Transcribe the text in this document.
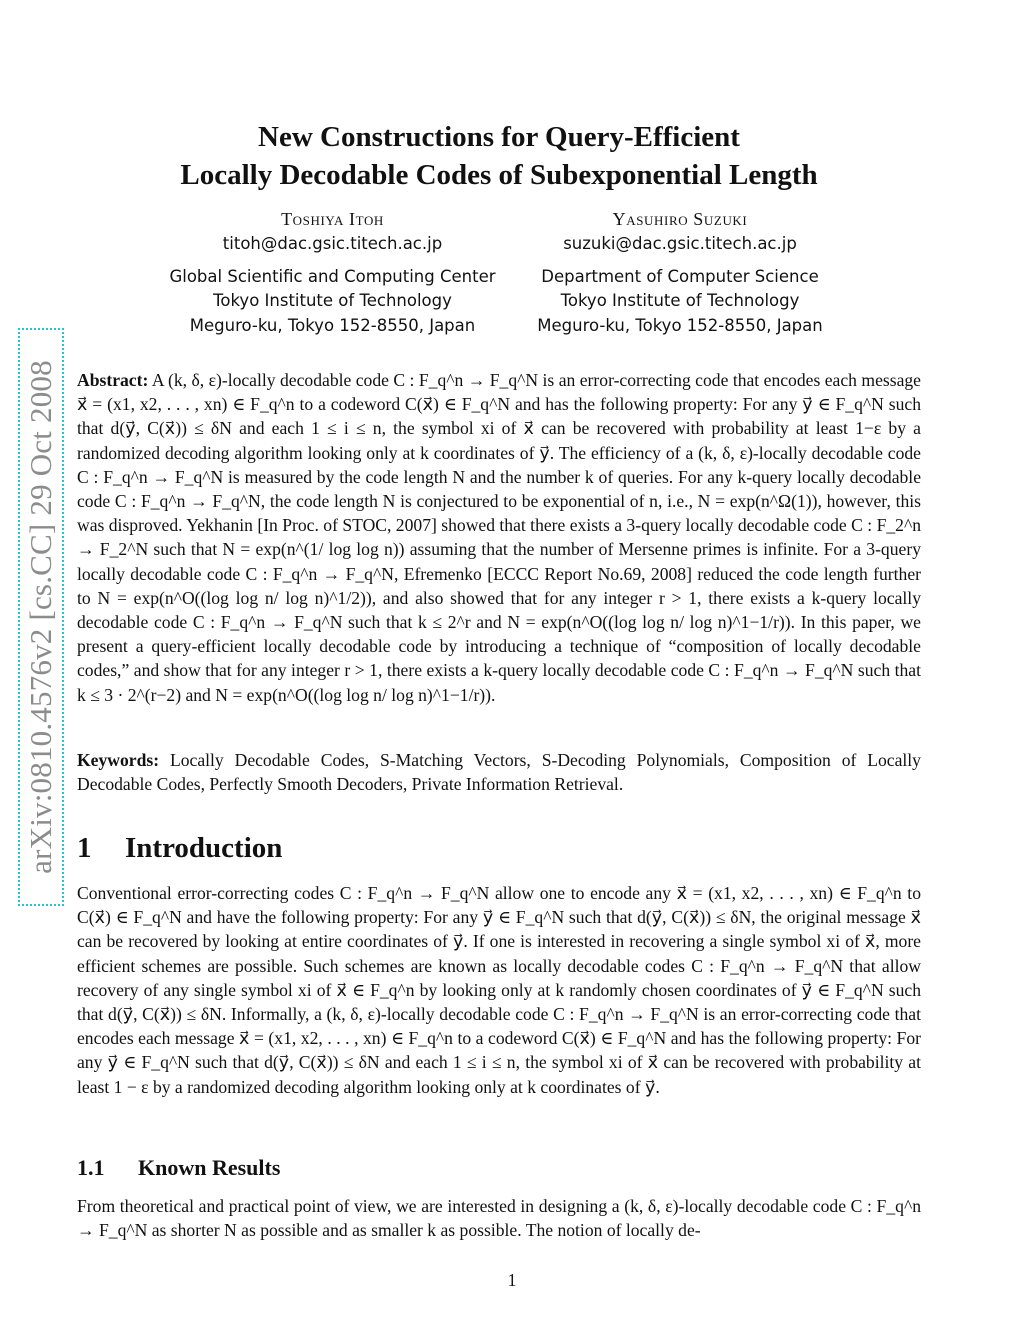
arXiv:0810.4576v2 [cs.CC] 29 Oct 2008
New Constructions for Query-Efficient
Locally Decodable Codes of Subexponential Length
Toshiya Itoh
titoh@dac.gsic.titech.ac.jp
Global Scientific and Computing Center
Tokyo Institute of Technology
Meguro-ku, Tokyo 152-8550, Japan
Yasuhiro Suzuki
suzuki@dac.gsic.titech.ac.jp
Department of Computer Science
Tokyo Institute of Technology
Meguro-ku, Tokyo 152-8550, Japan

Abstract: A (k, δ, ε)-locally decodable code C : F_q^n → F_q^N is an error-correcting code that encodes each message x⃗ = (x1, x2, . . . , xn) ∈ F_q^n to a codeword C(x⃗) ∈ F_q^N and has the following property: For any y⃗ ∈ F_q^N such that d(y⃗, C(x⃗)) ≤ δN and each 1 ≤ i ≤ n, the symbol xi of x⃗ can be recovered with probability at least 1−ε by a randomized decoding algorithm looking only at k coordinates of y⃗. The efficiency of a (k, δ, ε)-locally decodable code C : F_q^n → F_q^N is measured by the code length N and the number k of queries. For any k-query locally decodable code C : F_q^n → F_q^N, the code length N is conjectured to be exponential of n, i.e., N = exp(n^Ω(1)), however, this was disproved. Yekhanin [In Proc. of STOC, 2007] showed that there exists a 3-query locally decodable code C : F_2^n → F_2^N such that N = exp(n^(1/ log log n)) assuming that the number of Mersenne primes is infinite. For a 3-query locally decodable code C : F_q^n → F_q^N, Efremenko [ECCC Report No.69, 2008] reduced the code length further to N = exp(n^O((log log n/ log n)^1/2)), and also showed that for any integer r > 1, there exists a k-query locally decodable code C : F_q^n → F_q^N such that k ≤ 2^r and N = exp(n^O((log log n/ log n)^1−1/r)). In this paper, we present a query-efficient locally decodable code by introducing a technique of “composition of locally decodable codes,” and show that for any integer r > 1, there exists a k-query locally decodable code C : F_q^n → F_q^N such that k ≤ 3 · 2^(r−2) and N = exp(n^O((log log n/ log n)^1−1/r)).

Keywords: Locally Decodable Codes, S-Matching Vectors, S-Decoding Polynomials, Composition of Locally Decodable Codes, Perfectly Smooth Decoders, Private Information Retrieval.

1 Introduction

Conventional error-correcting codes C : F_q^n → F_q^N allow one to encode any x⃗ = (x1, x2, . . . , xn) ∈ F_q^n to C(x⃗) ∈ F_q^N and have the following property: For any y⃗ ∈ F_q^N such that d(y⃗, C(x⃗)) ≤ δN, the original message x⃗ can be recovered by looking at entire coordinates of y⃗. If one is interested in recovering a single symbol xi of x⃗, more efficient schemes are possible. Such schemes are known as locally decodable codes C : F_q^n → F_q^N that allow recovery of any single symbol xi of x⃗ ∈ F_q^n by looking only at k randomly chosen coordinates of y⃗ ∈ F_q^N such that d(y⃗, C(x⃗)) ≤ δN. Informally, a (k, δ, ε)-locally decodable code C : F_q^n → F_q^N is an error-correcting code that encodes each message x⃗ = (x1, x2, . . . , xn) ∈ F_q^n to a codeword C(x⃗) ∈ F_q^N and has the following property: For any y⃗ ∈ F_q^N such that d(y⃗, C(x⃗)) ≤ δN and each 1 ≤ i ≤ n, the symbol xi of x⃗ can be recovered with probability at least 1 − ε by a randomized decoding algorithm looking only at k coordinates of y⃗.

1.1 Known Results

From theoretical and practical point of view, we are interested in designing a (k, δ, ε)-locally decodable code C : F_q^n → F_q^N as shorter N as possible and as smaller k as possible. The notion of locally de-

1
